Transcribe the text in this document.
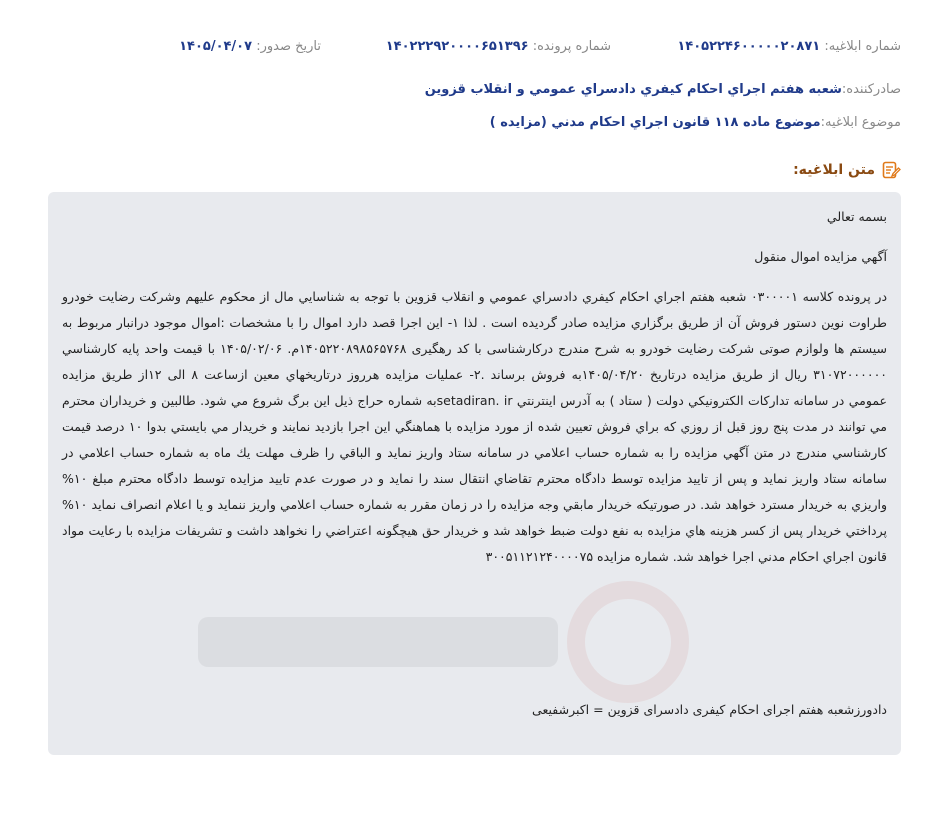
شماره ابلاغیه: ۱۴۰۵۲۲۴۶۰۰۰۰۰۲۰۸۷۱
شماره پرونده: ۱۴۰۲۲۲۹۲۰۰۰۰۶۵۱۳۹۶
تاریخ صدور: ۱۴۰۵/۰۴/۰۷
صادرکننده:
شعبه هفتم اجراي احكام كيفري دادسراي عمومي و انقلاب قزوين
موضوع ابلاغیه:
موضوع ماده ۱۱۸ قانون اجراي احكام مدني (مزايده )
متن ابلاغیه:

بسمه تعالي

آگهي مزايده اموال منقول

در پرونده كلاسه ۰۳۰۰۰۰۱ شعبه هفتم اجراي احكام كيفري دادسراي عمومي و انقلاب قزوين با توجه به شناسايي مال از محكوم عليهم وشركت رضايت خودرو طراوت نوين دستور فروش آن از طريق برگزاري مزايده صادر گرديده است . لذا ۱- اين اجرا قصد دارد اموال را با مشخصات :اموال موجود درانبار مربوط به سیستم ها ولوازم صوتی شرکت رضایت خودرو به شرح مندرج درکارشناسی با کد رهگیری ۱۴۰۵۲۲۰۸۹۸۵۶۵۷۶۸م. ۱۴۰۵/۰۲/۰۶ با قيمت واحد پايه كارشناسي ۳۱۰۷۲۰۰۰۰۰۰ ريال از طريق مزايده درتاريخ ۱۴۰۵/۰۴/۲۰به فروش برساند .۲- عمليات مزايده هرروز درتاريخهاي معين ازساعت ۸ الی ۱۲از طريق مزايده عمومي در سامانه تداركات الكترونيكي دولت ( ستاد ) به آدرس اينترنتي setadiran. irبه شماره حراج ذيل اين برگ شروع مي شود. طالبين و خريداران محترم مي توانند در مدت پنج روز قبل از روزي كه براي فروش تعيين شده از مورد مزايده با هماهنگي اين اجرا بازديد نمايند و خريدار مي بايستي بدوا ۱۰ درصد قيمت كارشناسي مندرج در متن آگهي مزايده را به شماره حساب اعلامي در سامانه ستاد واريز نمايد و الباقي را ظرف مهلت يك ماه به شماره حساب اعلامي در سامانه ستاد واريز نمايد و پس از تاييد مزايده توسط دادگاه محترم تقاضاي انتقال سند را نمايد و در صورت عدم تاييد مزايده توسط دادگاه محترم مبلغ ۱۰% واريزي به خريدار مسترد خواهد شد. در صورتيكه خريدار مابقي وجه مزايده را در زمان مقرر به شماره حساب اعلامي واريز ننمايد و يا اعلام انصراف نمايد ۱۰% پرداختي خريدار پس از كسر هزينه هاي مزايده به نفع دولت ضبط خواهد شد و خريدار حق هيچگونه اعتراضي را نخواهد داشت و تشريفات مزايده با رعايت مواد قانون اجراي احكام مدني اجرا خواهد شد. شماره مزايده ۳۰۰۵۱۱۲۱۲۴۰۰۰۰۷۵

دادورزشعبه هفتم اجرای احکام کیفری دادسرای قزوین = اکبرشفیعی
